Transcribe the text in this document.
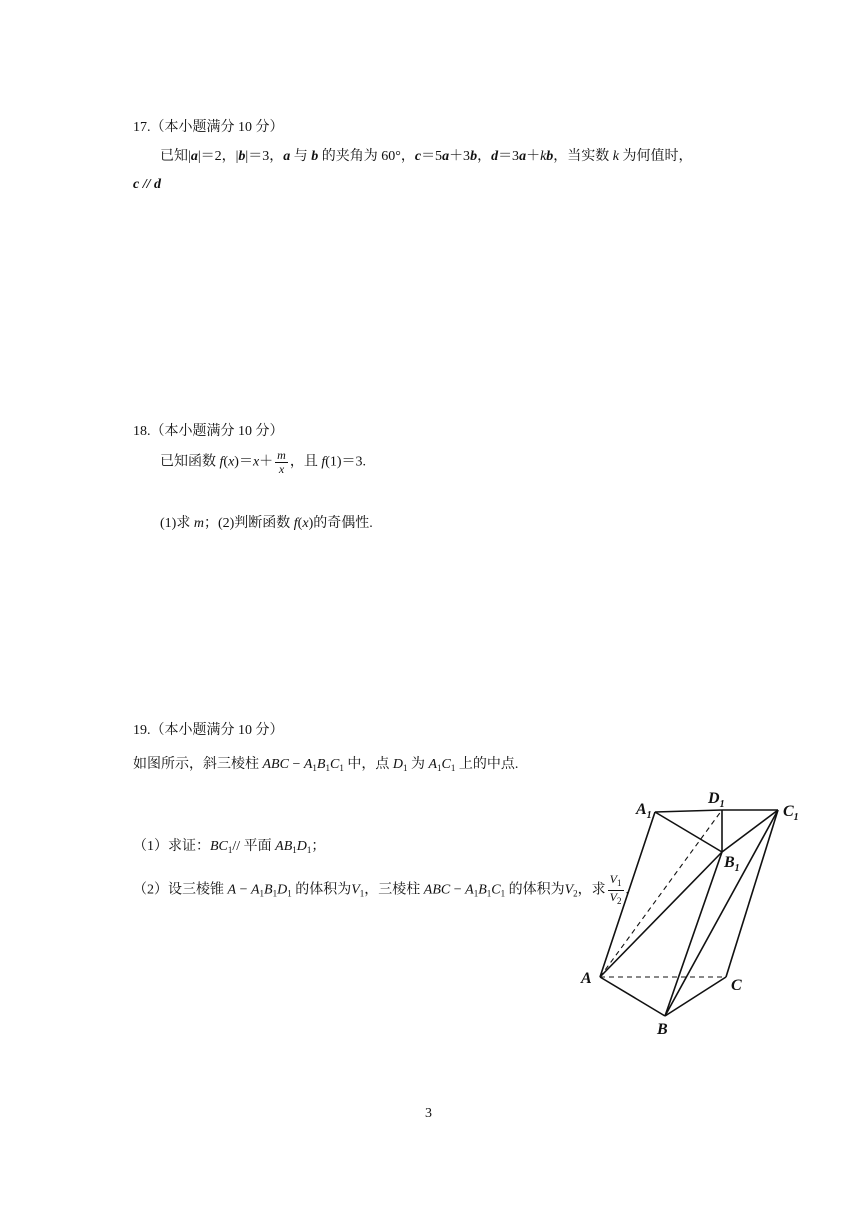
17.（本小题满分 10 分）
已知|a|＝2，|b|＝3，a 与 b 的夹角为 60°，c＝5a＋3b，d＝3a＋kb，当实数 k 为何值时，
c // d
18.（本小题满分 10 分）
已知函数 $f(x)=x+ \frac{m}{x}$ ，且 f(1)＝3.
(1)求 m；(2)判断函数 f(x)的奇偶性.
19.（本小题满分 10 分）
如图所示，斜三棱柱 ABC − $A_1B_1C_1$ 中，点 $D_1$ 为 $A_1C_1$ 上的中点.
（1）求证：$BC_1//$ 平面 $AB_1D_1$；
（2）设三棱锥 $A - A_1B_1D_1$ 的体积为$V_1$，三棱柱 ABC − $A_1B_1C_1$ 的体积为$V_2$，求 $\frac{V_1}{V_2}$ .
$A_1$
$D_1$	$C_1$
$B_1$
A
B
C
3
